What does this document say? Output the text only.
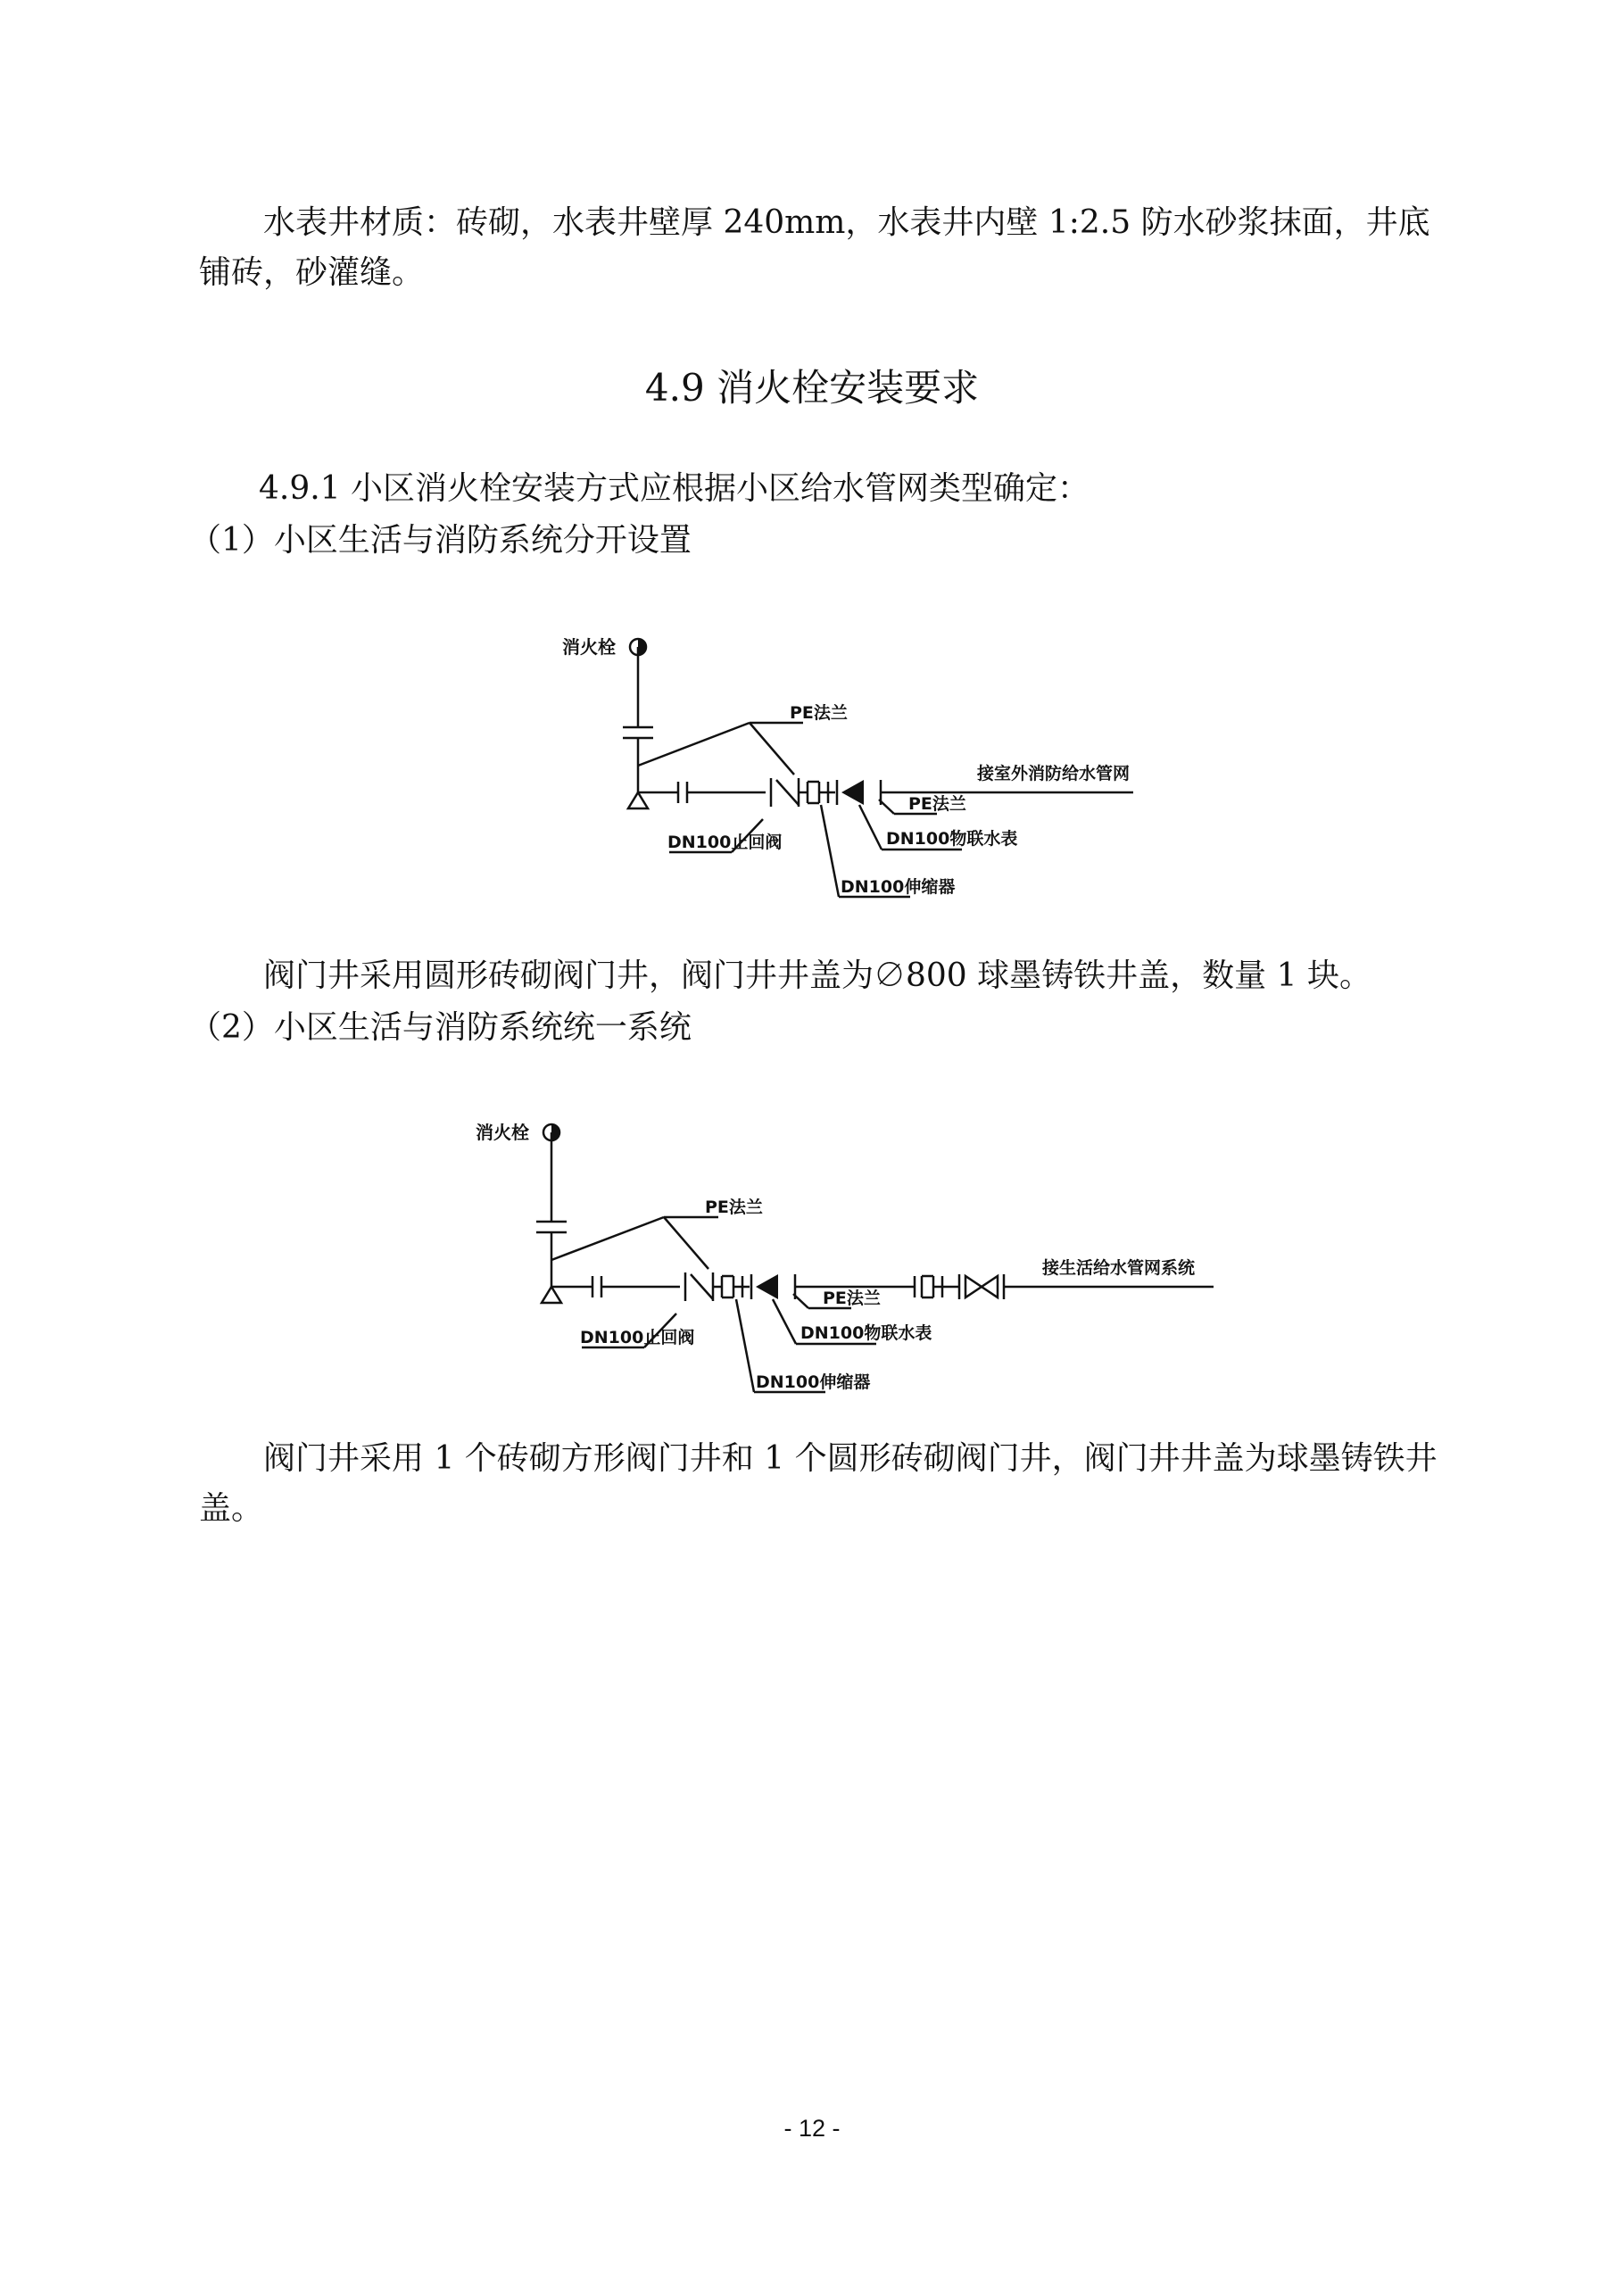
水表井材质：砖砌，水表井壁厚 240mm，水表井内壁 1:2.5 防水砂浆抹面，井底铺砖，砂灌缝。

4.9 消火栓安装要求

4.9.1 小区消火栓安装方式应根据小区给水管网类型确定：

（1）小区生活与消防系统分开设置

消火栓
PE法兰
接室外消防给水管网
PE法兰
DN100物联水表
DN100止回阀
DN100伸缩器

阀门井采用圆形砖砌阀门井，阀门井井盖为∅800 球墨铸铁井盖，数量 1 块。

（2）小区生活与消防系统统一系统

消火栓
PE法兰
接生活给水管网系统
PE法兰
DN100物联水表
DN100止回阀
DN100伸缩器

阀门井采用 1 个砖砌方形阀门井和 1 个圆形砖砌阀门井，阀门井井盖为球墨铸铁井盖。

- 12 -
